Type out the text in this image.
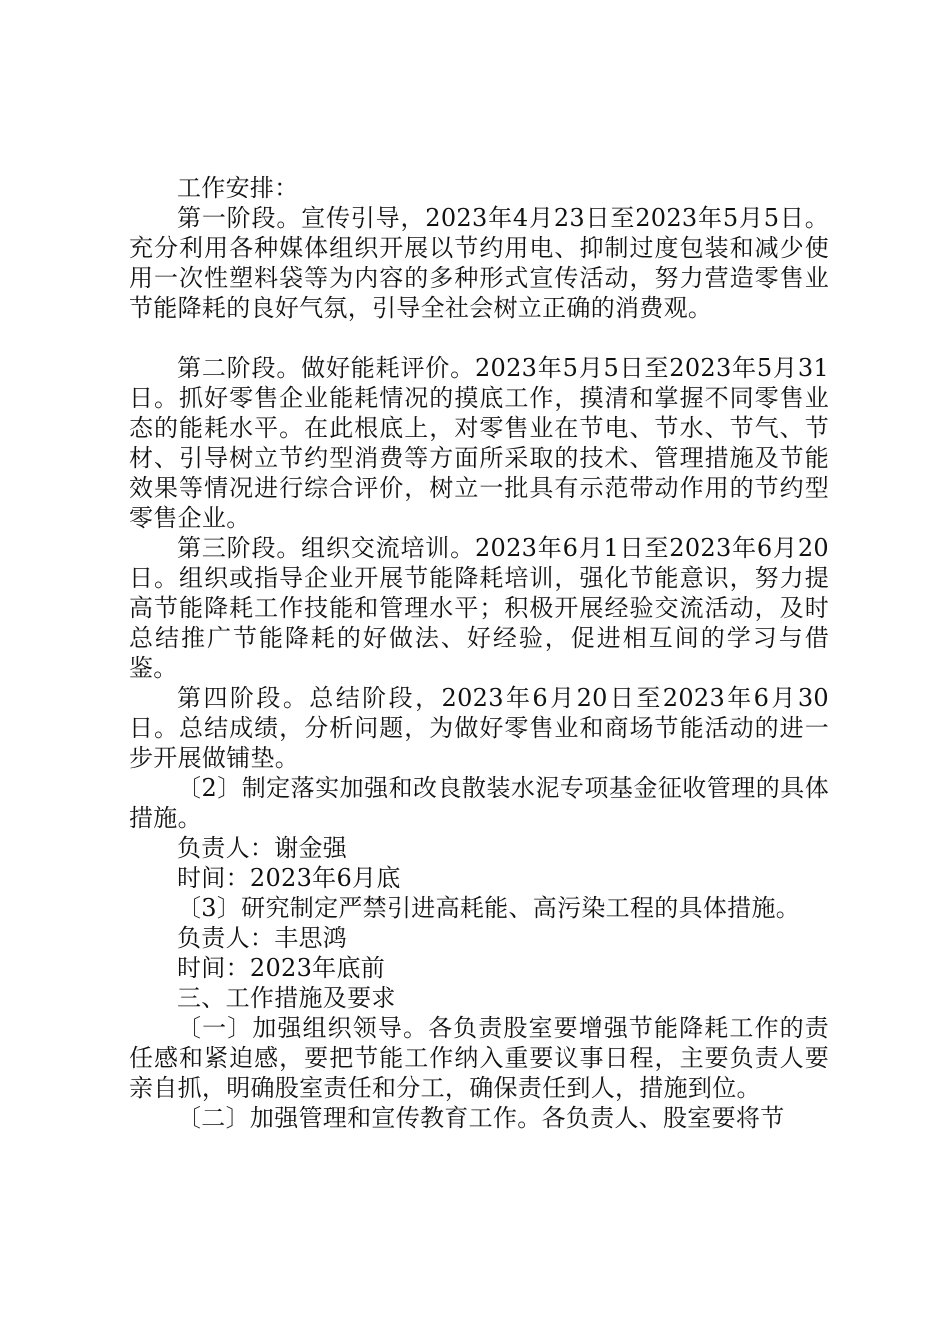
工作安排：

第一阶段。宣传引导，2023年4月23日至2023年5月5日。充分利用各种媒体组织开展以节约用电、抑制过度包装和减少使用一次性塑料袋等为内容的多种形式宣传活动，努力营造零售业节能降耗的良好气氛，引导全社会树立正确的消费观。

第二阶段。做好能耗评价。2023年5月5日至2023年5月31日。抓好零售企业能耗情况的摸底工作，摸清和掌握不同零售业态的能耗水平。在此根底上，对零售业在节电、节水、节气、节材、引导树立节约型消费等方面所采取的技术、管理措施及节能效果等情况进行综合评价，树立一批具有示范带动作用的节约型零售企业。

第三阶段。组织交流培训。2023年6月1日至2023年6月20日。组织或指导企业开展节能降耗培训，强化节能意识，努力提高节能降耗工作技能和管理水平；积极开展经验交流活动，及时总结推广节能降耗的好做法、好经验，促进相互间的学习与借鉴。

第四阶段。总结阶段，2023年6月20日至2023年6月30日。总结成绩，分析问题，为做好零售业和商场节能活动的进一步开展做铺垫。

〔2〕制定落实加强和改良散装水泥专项基金征收管理的具体措施。

负责人：谢金强

时间：2023年6月底

〔3〕研究制定严禁引进高耗能、高污染工程的具体措施。

负责人：丰思鸿

时间：2023年底前

三、工作措施及要求

〔一〕加强组织领导。各负责股室要增强节能降耗工作的责任感和紧迫感，要把节能工作纳入重要议事日程，主要负责人要亲自抓，明确股室责任和分工，确保责任到人，措施到位。

〔二〕加强管理和宣传教育工作。各负责人、股室要将节
